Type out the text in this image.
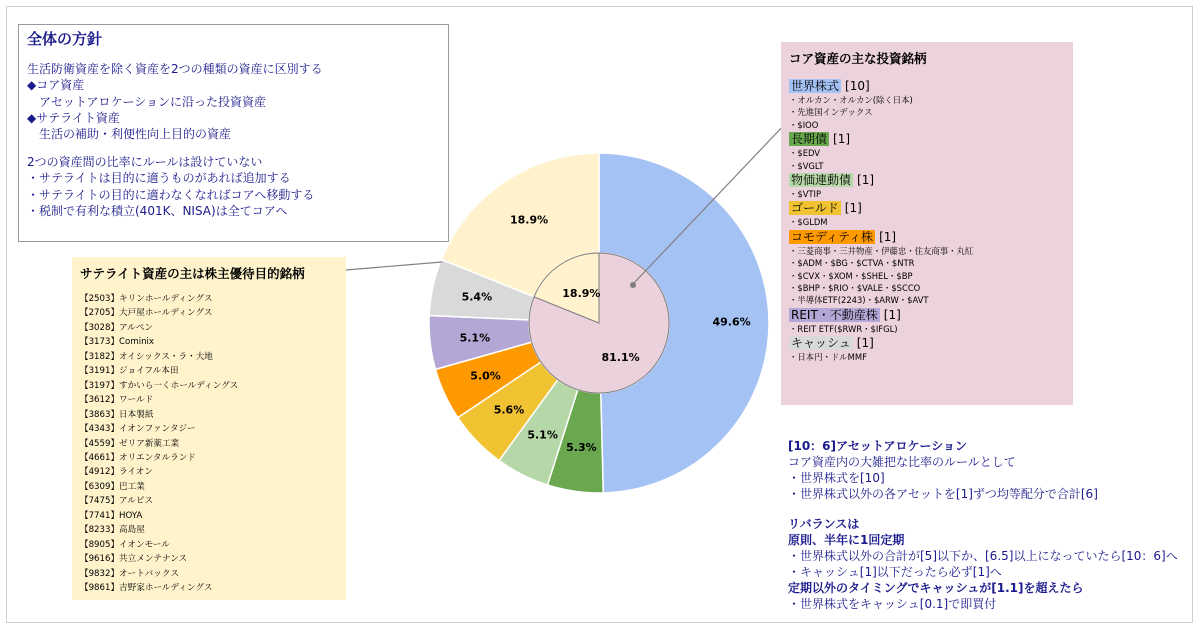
49.6%
5.3%
5.1%
5.6%
5.0%
5.1%
5.4%
18.9%
81.1%
18.9%
全体の方針
生活防衛資産を除く資産を2つの種類の資産に区別する
◆コア資産
　アセットアロケーションに沿った投資資産
◆サテライト資産
　生活の補助・利便性向上目的の資産
2つの資産間の比率にルールは設けていない
・サテライトは目的に適うものがあれば追加する
・サテライトの目的に適わなくなればコアへ移動する
・税制で有利な積立(401K、NISA)は全てコアへ
サテライト資産の主は株主優待目的銘柄
【2503】キリンホールディングス
【2705】大戸屋ホールディングス
【3028】アルペン
【3173】Cominix
【3182】オイシックス・ラ・大地
【3191】ジョイフル本田
【3197】すかいら一くホールディングス
【3612】ワールド
【3863】日本製紙
【4343】イオンファンタジー
【4559】ゼリア新薬工業
【4661】オリエンタルランド
【4912】ライオン
【6309】巴工業
【7475】アルビス
【7741】HOYA
【8233】高島屋
【8905】イオンモール
【9616】共立メンテナンス
【9832】オートバックス
【9861】吉野家ホールディングス
コア資産の主な投資銘柄
世界株式 [10]
・オルカン・オルカン(除く日本)
・先進国インデックス
・$IOO
長期債 [1]
・$EDV
・$VGLT
物価連動債 [1]
・$VTIP
ゴールド [1]
・$GLDM
コモディティ株 [1]
・三菱商事・三井物産・伊藤忠・住友商事・丸紅
・$ADM・$BG・$CTVA・$NTR
・$CVX・$XOM・$SHEL・$BP
・$BHP・$RIO・$VALE・$SCCO
・半導体ETF(2243)・$ARW・$AVT
REIT・不動産株 [1]
・REIT ETF($RWR・$IFGL)
キャッシュ [1]
・日本円・ドルMMF
[10：6]アセットアロケーション
コア資産内の大雑把な比率のルールとして
・世界株式を[10]
・世界株式以外の各アセットを[1]ずつ均等配分で合計[6]
リバランスは
原則、半年に1回定期
・世界株式以外の合計が[5]以下か、[6.5]以上になっていたら[10：6]へ
・キャッシュ[1]以下だったら必ず[1]へ
定期以外のタイミングでキャッシュが[1.1]を超えたら
・世界株式をキャッシュ[0.1]で即買付
